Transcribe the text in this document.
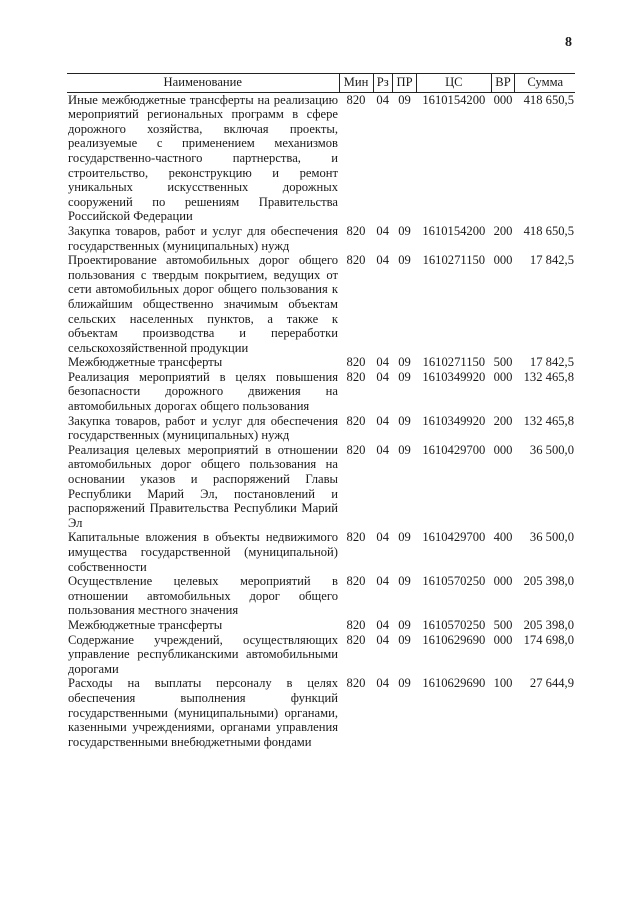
8
Наименование	Мин	Рз	ПР	ЦС	ВР	Сумма
Иные межбюджетные трансферты на реализацию мероприятий региональных программ в сфере дорожного хозяйства, включая проекты, реализуемые с применением механизмов государственно-частного партнерства, и строительство, реконструкцию и ремонт уникальных искусственных дорожных сооружений по решениям Правительства Российской Федерации	820	04	09	1610154200	000	418 650,5
Закупка товаров, работ и услуг для обеспечения государственных (муниципальных) нужд	820	04	09	1610154200	200	418 650,5
Проектирование автомобильных дорог общего пользования с твердым покрытием, ведущих от сети автомобильных дорог общего пользования к ближайшим общественно значимым объектам сельских населенных пунктов, а также к объектам производства и переработки сельскохозяйственной продукции	820	04	09	1610271150	000	17 842,5
Межбюджетные трансферты	820	04	09	1610271150	500	17 842,5
Реализация мероприятий в целях повышения безопасности дорожного движения на автомобильных дорогах общего пользования	820	04	09	1610349920	000	132 465,8
Закупка товаров, работ и услуг для обеспечения государственных (муниципальных) нужд	820	04	09	1610349920	200	132 465,8
Реализация целевых мероприятий в отношении автомобильных дорог общего пользования на основании указов и распоряжений Главы Республики Марий Эл, постановлений и распоряжений Правительства Республики Марий Эл	820	04	09	1610429700	000	36 500,0
Капитальные вложения в объекты недвижимого имущества государственной (муниципальной) собственности	820	04	09	1610429700	400	36 500,0
Осуществление целевых мероприятий в отношении автомобильных дорог общего пользования местного значения	820	04	09	1610570250	000	205 398,0
Межбюджетные трансферты	820	04	09	1610570250	500	205 398,0
Содержание учреждений, осуществляющих управление республиканскими автомобильными дорогами	820	04	09	1610629690	000	174 698,0
Расходы на выплаты персоналу в целях обеспечения выполнения функций государственными (муниципальными) органами, казенными учреждениями, органами управления государственными внебюджетными фондами	820	04	09	1610629690	100	27 644,9
